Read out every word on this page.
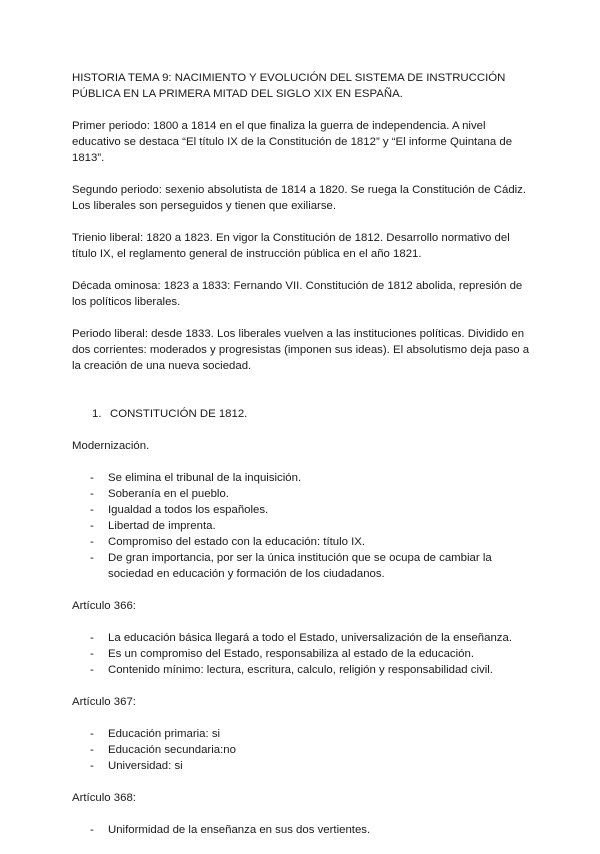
HISTORIA TEMA 9: NACIMIENTO Y EVOLUCIÓN DEL SISTEMA DE INSTRUCCIÓN PÚBLICA EN LA PRIMERA MITAD DEL SIGLO XIX EN ESPAÑA.
Primer periodo: 1800 a 1814 en el que finaliza la guerra de independencia. A nivel educativo se destaca “El título IX de la Constitución de 1812” y “El informe Quintana de 1813”.
Segundo periodo: sexenio absolutista de 1814 a 1820. Se ruega la Constitución de Cádiz. Los liberales son perseguidos y tienen que exiliarse.
Trienio liberal: 1820 a 1823. En vigor la Constitución de 1812. Desarrollo normativo del título IX, el reglamento general de instrucción pública en el año 1821.
Década ominosa: 1823 a 1833: Fernando VII. Constitución de 1812 abolida, represión de los políticos liberales.
Periodo liberal: desde 1833. Los liberales vuelven a las instituciones políticas. Dividido en dos corrientes: moderados y progresistas (imponen sus ideas). El absolutismo deja paso a la creación de una nueva sociedad.
1. CONSTITUCIÓN DE 1812.
Modernización.
-	Se elimina el tribunal de la inquisición.
-	Soberanía en el pueblo.
-	Igualdad a todos los españoles.
-	Libertad de imprenta.
-	Compromiso del estado con la educación: título IX.
-	De gran importancia, por ser la única institución que se ocupa de cambiar la sociedad en educación y formación de los ciudadanos.
Artículo 366:
-	La educación básica llegará a todo el Estado, universalización de la enseñanza.
-	Es un compromiso del Estado, responsabiliza al estado de la educación.
-	Contenido mínimo: lectura, escritura, calculo, religión y responsabilidad civil.
Artículo 367:
-	Educación primaria: si
-	Educación secundaria:no
-	Universidad: si
Artículo 368:
-	Uniformidad de la enseñanza en sus dos vertientes.
